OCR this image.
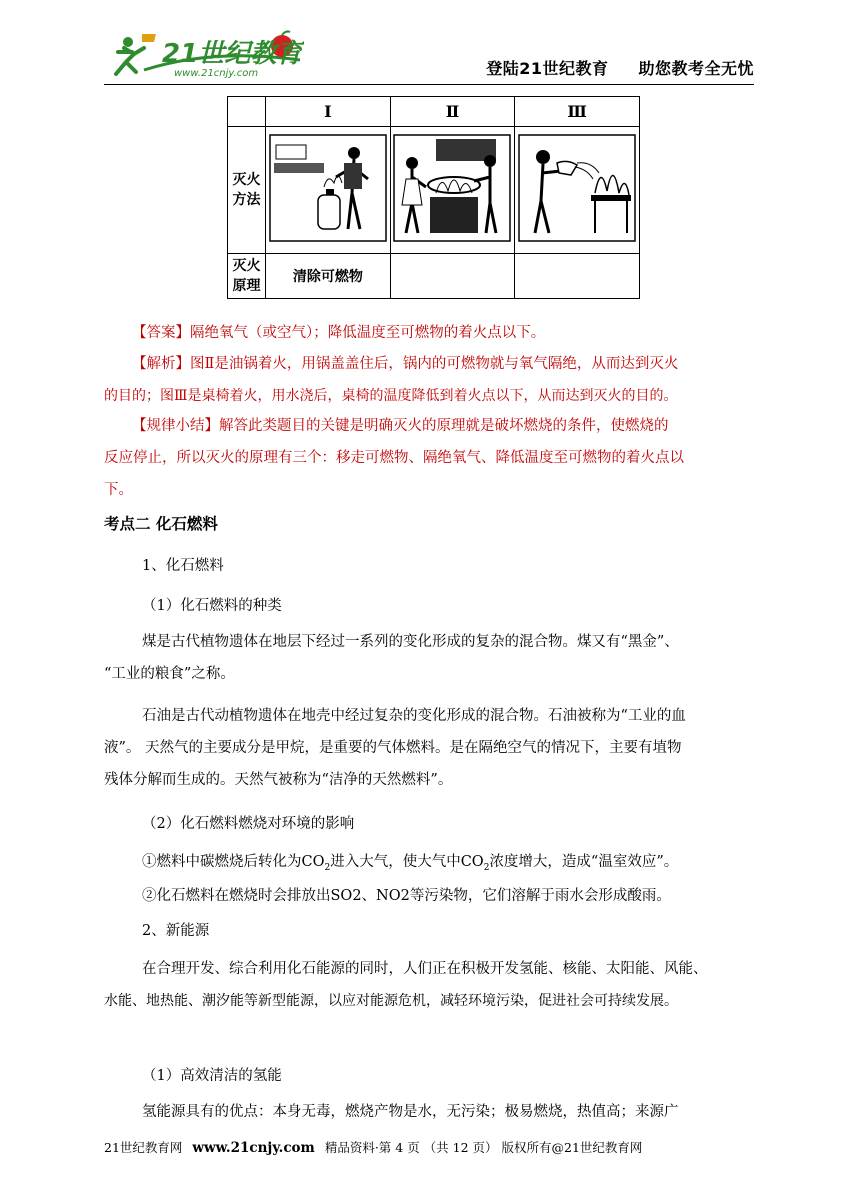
21世纪教育
www.21cnjy.com	登陆21世纪教育 助您教考全无忧
	I	Ⅱ	Ⅲ
灭火
方法			
灭火
原理	清除可燃物		
【答案】隔绝氧气（或空气）；降低温度至可燃物的着火点以下。
【解析】图Ⅱ是油锅着火，用锅盖盖住后，锅内的可燃物就与氧气隔绝，从而达到灭火
的目的；图Ⅲ是桌椅着火，用水浇后，桌椅的温度降低到着火点以下，从而达到灭火的目的。
【规律小结】解答此类题目的关键是明确灭火的原理就是破坏燃烧的条件，使燃烧的
反应停止，所以灭火的原理有三个：移走可燃物、隔绝氧气、降低温度至可燃物的着火点以
下。
考点二 化石燃料
1、化石燃料
（1）化石燃料的种类
煤是古代植物遗体在地层下经过一系列的变化形成的复杂的混合物。煤又有“黑金”、
“工业的粮食”之称。
石油是古代动植物遗体在地壳中经过复杂的变化形成的混合物。石油被称为“工业的血
液”。 天然气的主要成分是甲烷，是重要的气体燃料。是在隔绝空气的情况下，主要有埴物
残体分解而生成的。天然气被称为“洁净的天然燃料”。
（2）化石燃料燃烧对环境的影响
①燃料中碳燃烧后转化为$CO_2$进入大气，使大气中$CO_2$浓度增大，造成“温室效应”。
②化石燃料在燃烧时会排放出SO2、NO2等污染物，它们溶解于雨水会形成酸雨。
2、新能源
在合理开发、综合利用化石能源的同时，人们正在积极开发氢能、核能、太阳能、风能、
水能、地热能、潮汐能等新型能源，以应对能源危机，减轻环境污染，促进社会可持续发展。
（1）高效清洁的氢能
氢能源具有的优点：本身无毒，燃烧产物是水，无污染；极易燃烧，热值高；来源广
21世纪教育网 www.21cnjy.com 精品资料·第 4 页 （共 12 页） 版权所有@21世纪教育网
